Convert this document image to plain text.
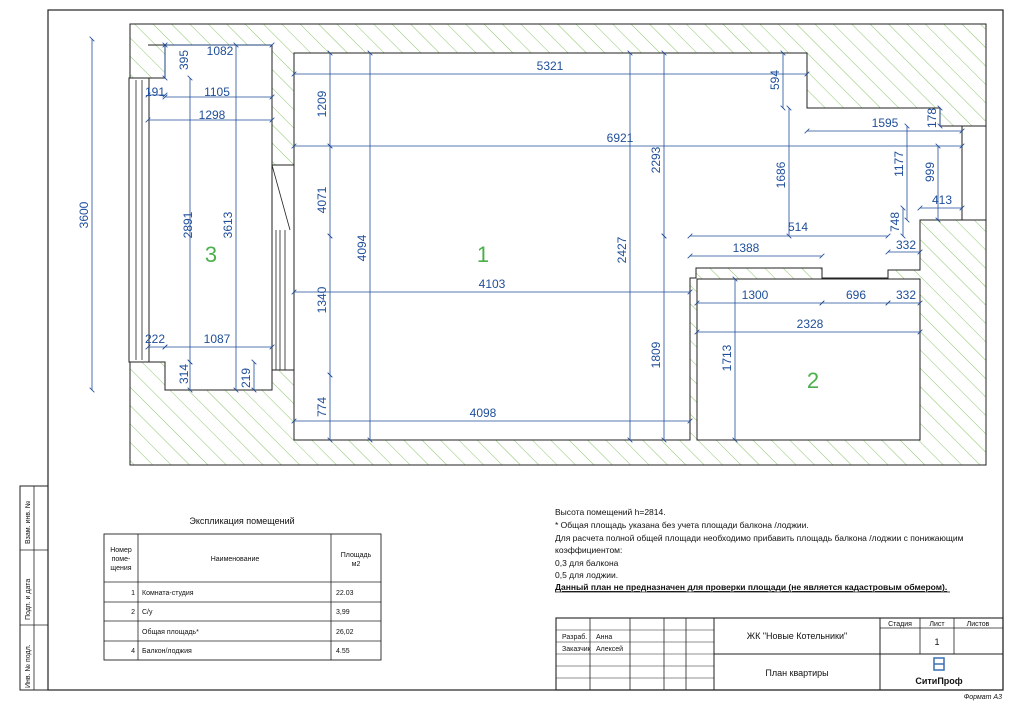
5321
594
6921
1595 178
1209
2293
1686	1177 999
413
748
4071
4094	2427
514
332
1388
1340
4103
1300	696 332
2328
1809	1713
774	4098
3600
1082
395
191	1105
1298
2891 3613
222	1087
314	219
1
2
3
Взам. инв. №
Подп. и дата
Инв. № подл.
Экспликация помещений
Номер поме-щения
Наименование
Площадь м2
1 Комната-студия	22.03
2 С/у	3,99
Общая площадь*	26,02
4 Балкон/лоджия	4.55
Высота помещений h=2814.
* Общая площадь указана без учета площади балкона /лоджии.
Для расчета полной общей площади необходимо прибавить площадь балкона /лоджии с понижающим
коэффициентом:
0,3 для балкона
0,5 для лоджии.
Данный план не предназначен для проверки площади (не является кадастровым обмером).
Разраб. Анна
Заказчик Алексей
ЖК "Новые Котельники"
План квартиры
Стадия Лист	Листов
1
СитиПроф
Формат А3
